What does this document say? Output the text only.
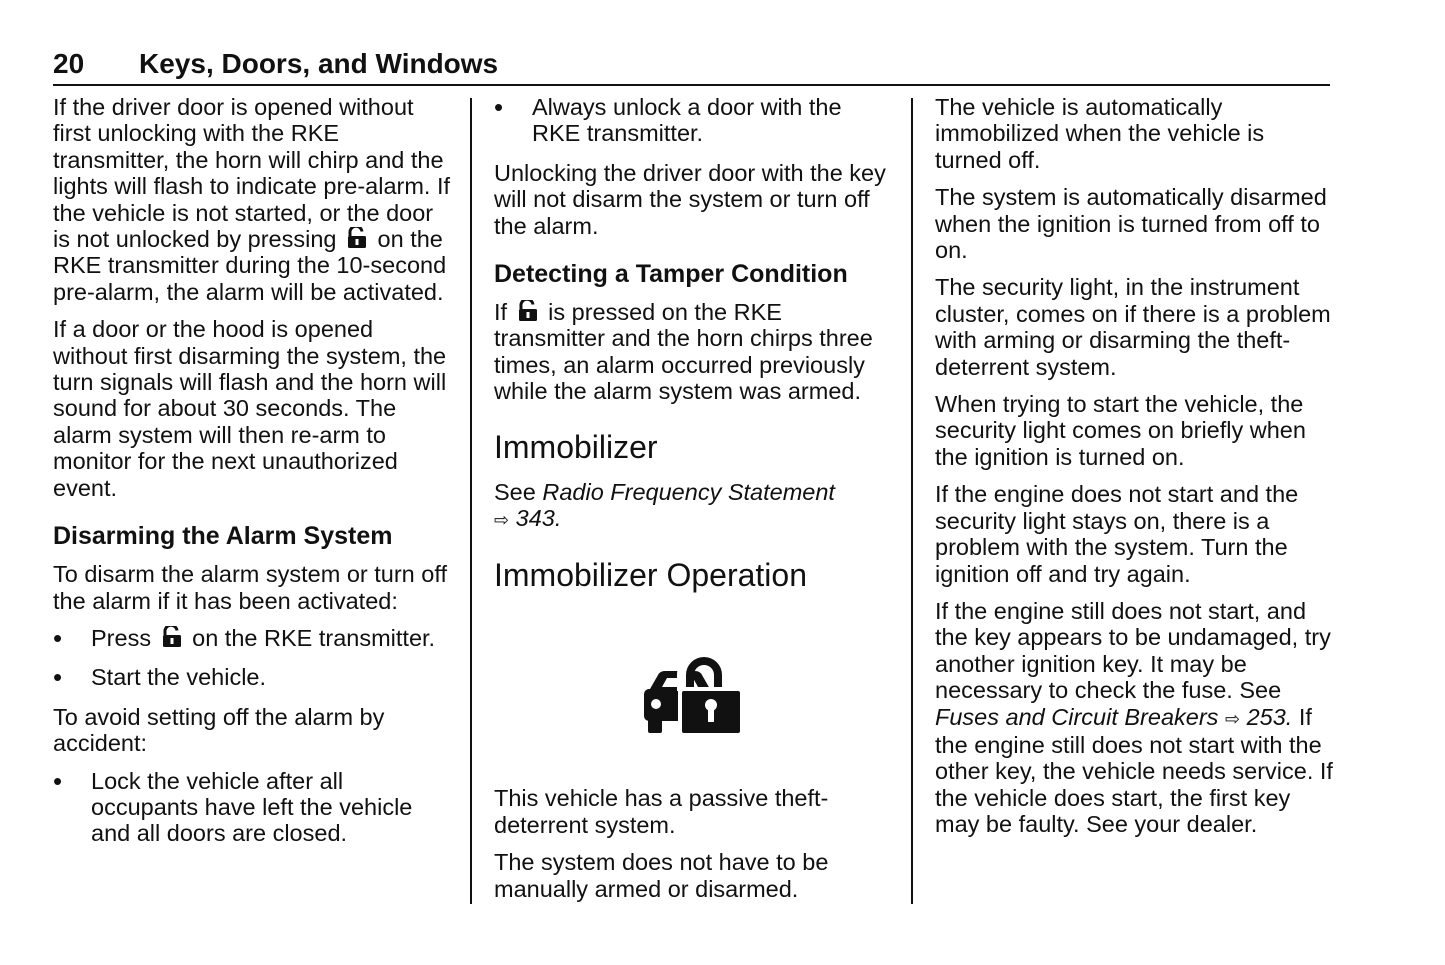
20 Keys, Doors, and Windows

If the driver door is opened without first unlocking with the RKE transmitter, the horn will chirp and the lights will flash to indicate pre-alarm. If the vehicle is not started, or the door is not unlocked by pressing on the RKE transmitter during the 10-second pre-alarm, the alarm will be activated.

If a door or the hood is opened without first disarming the system, the turn signals will flash and the horn will sound for about 30 seconds. The alarm system will then re-arm to monitor for the next unauthorized event.

Disarming the Alarm System

To disarm the alarm system or turn off the alarm if it has been activated:

• Press on the RKE transmitter.
• Start the vehicle.

To avoid setting off the alarm by accident:

• Lock the vehicle after all occupants have left the vehicle and all doors are closed.
• Always unlock a door with the RKE transmitter.

Unlocking the driver door with the key will not disarm the system or turn off the alarm.

Detecting a Tamper Condition

If is pressed on the RKE transmitter and the horn chirps three times, an alarm occurred previously while the alarm system was armed.

Immobilizer

See Radio Frequency Statement
⇨ 343.

Immobilizer Operation

This vehicle has a passive theft-deterrent system.

The system does not have to be manually armed or disarmed.

The vehicle is automatically immobilized when the vehicle is turned off.

The system is automatically disarmed when the ignition is turned from off to on.

The security light, in the instrument cluster, comes on if there is a problem with arming or disarming the theft-deterrent system.

When trying to start the vehicle, the security light comes on briefly when the ignition is turned on.

If the engine does not start and the security light stays on, there is a problem with the system. Turn the ignition off and try again.

If the engine still does not start, and the key appears to be undamaged, try another ignition key. It may be necessary to check the fuse. See Fuses and Circuit Breakers ⇨ 253. If the engine still does not start with the other key, the vehicle needs service. If the vehicle does start, the first key may be faulty. See your dealer.
